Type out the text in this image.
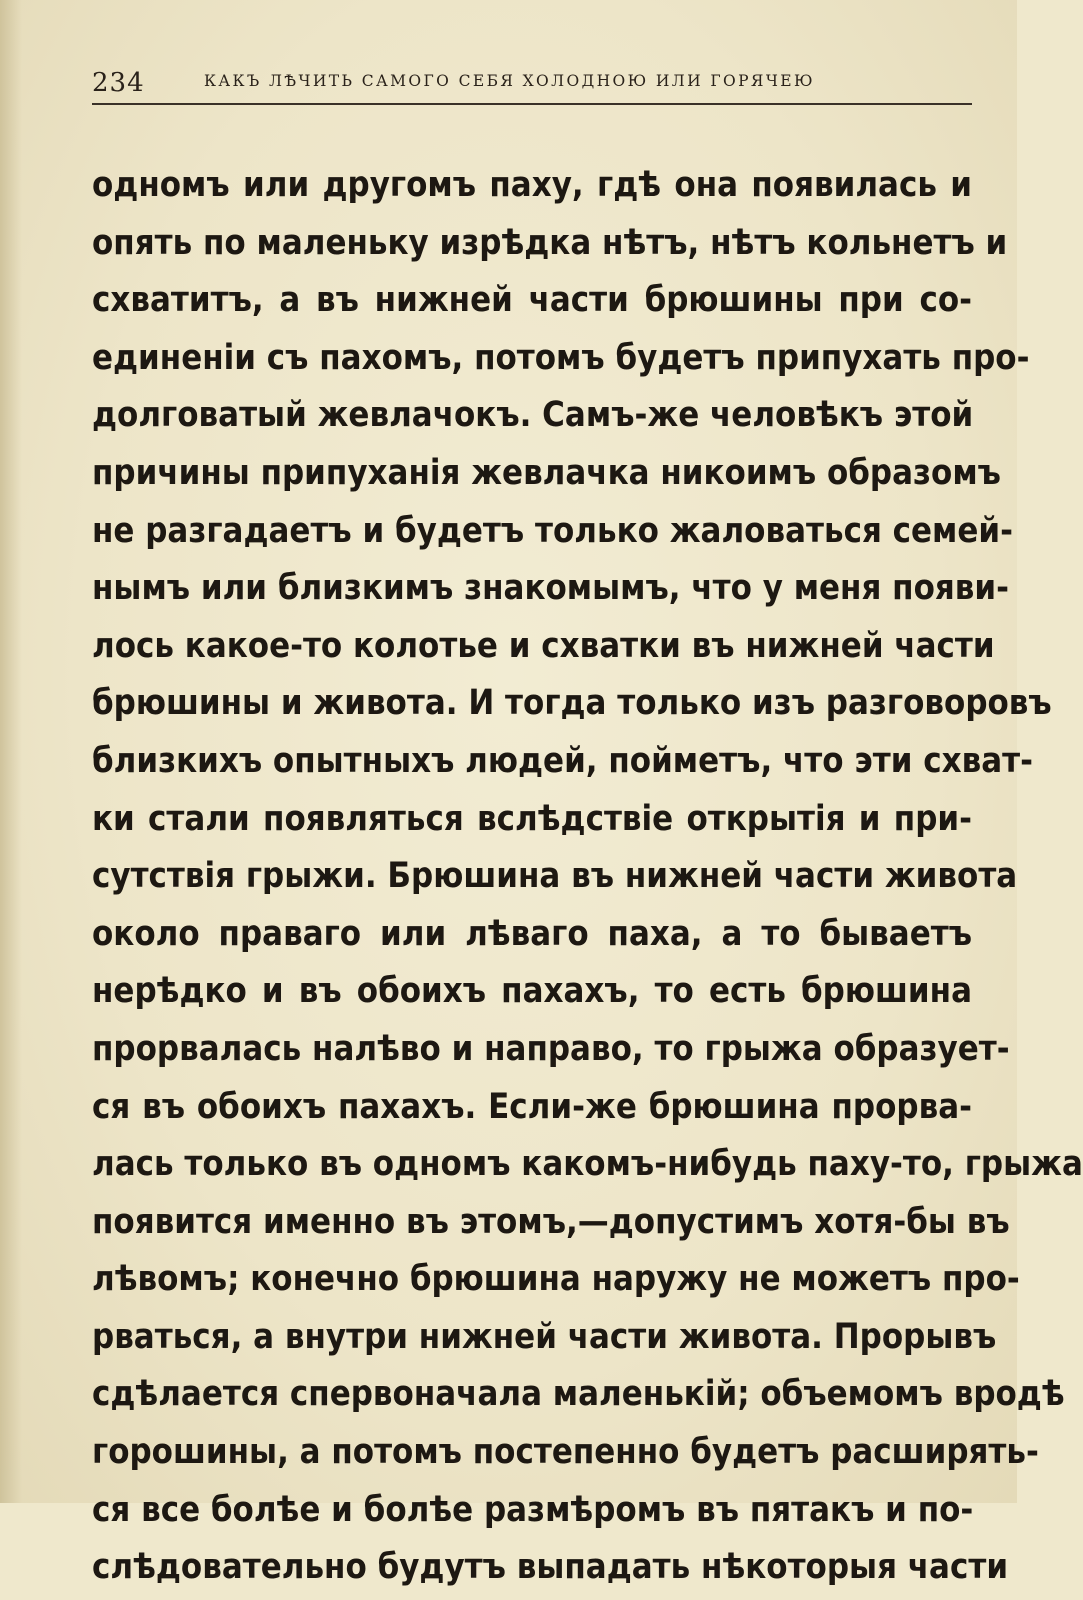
234	КАКЪ ЛѢЧИТЬ САМОГО СЕБЯ ХОЛОДНОЮ ИЛИ ГОРЯЧЕЮ
одномъ или другомъ паху, гдѣ она появилась и
опять по маленьку изрѣдка нѣтъ, нѣтъ кольнетъ и
схватитъ, а въ нижней части брюшины при со-
единеніи съ пахомъ, потомъ будетъ припухать про-
долговатый жевлачокъ. Самъ-же человѣкъ этой
причины припуханія жевлачка никоимъ образомъ
не разгадаетъ и будетъ только жаловаться семей-
нымъ или близкимъ знакомымъ, что у меня появи-
лось какое-то колотье и схватки въ нижней части
брюшины и живота. И тогда только изъ разговоровъ
близкихъ опытныхъ людей, пойметъ, что эти схват-
ки стали появляться вслѣдствіе открытія и при-
сутствія грыжи. Брюшина въ нижней части живота
около праваго или лѣваго паха, а то бываетъ
нерѣдко и въ обоихъ пахахъ, то есть брюшина
прорвалась налѣво и направо, то грыжа образует-
ся въ обоихъ пахахъ. Если-же брюшина прорва-
лась только въ одномъ какомъ-нибудь паху-то, грыжа
появится именно въ этомъ,—допустимъ хотя-бы въ
лѣвомъ; конечно брюшина наружу не можетъ про-
рваться, а внутри нижней части живота. Прорывъ
сдѣлается спервоначала маленькій; объемомъ вродѣ
горошины, а потомъ постепенно будетъ расширять-
ся все болѣе и болѣе размѣромъ въ пятакъ и по-
слѣдовательно будутъ выпадать нѣкоторыя части
